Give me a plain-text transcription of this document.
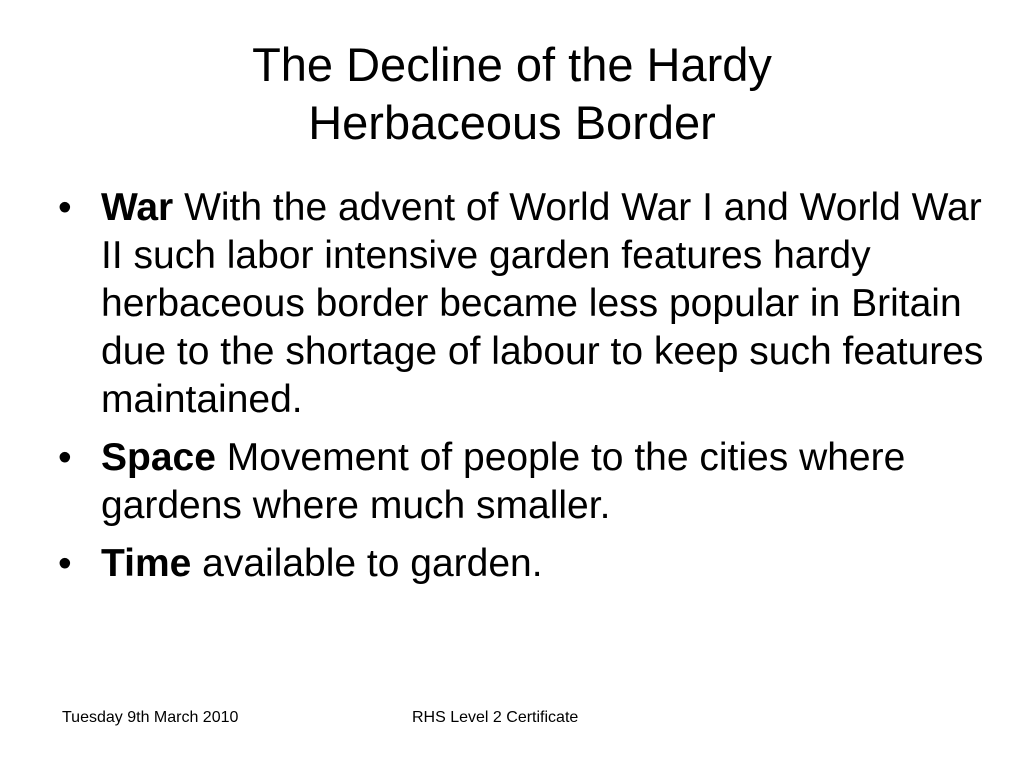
The Decline of the Hardy
Herbaceous Border
• War With the advent of World War I and World War II such labor intensive garden features hardy herbaceous border became less popular in Britain due to the shortage of labour to keep such features maintained.
• Space Movement of people to the cities where gardens where much smaller.
• Time available to garden.
Tuesday 9th March 2010	RHS Level 2 Certificate
